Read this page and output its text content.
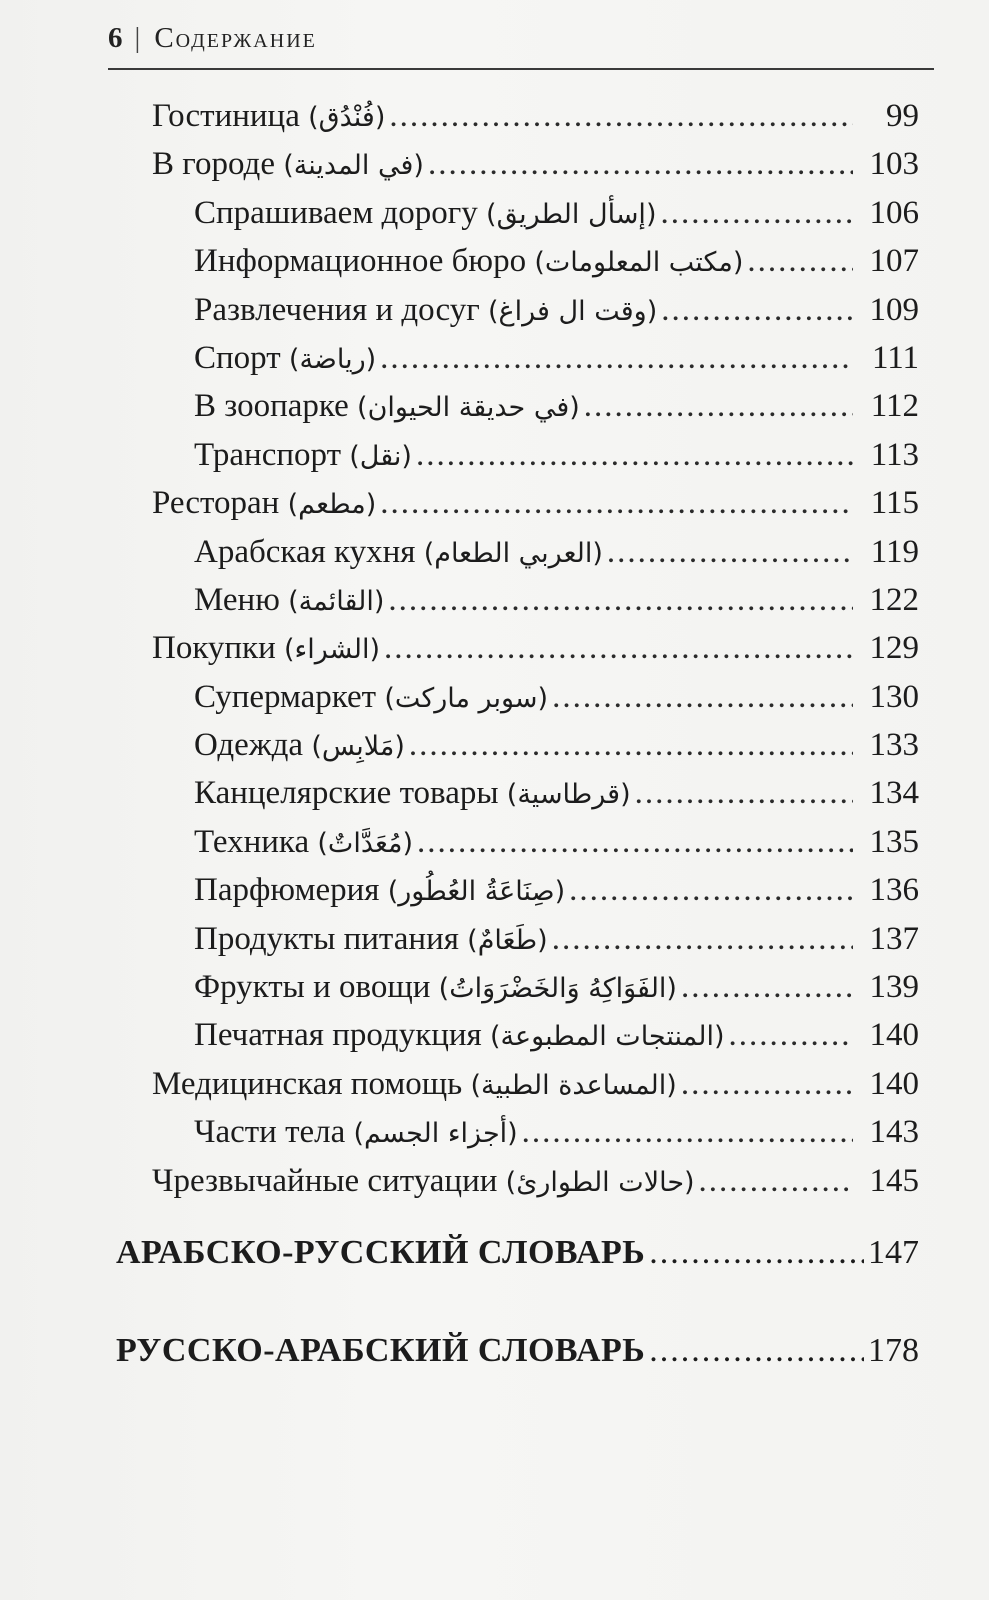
6 | Содержание
Гостиница (فُنْدُق) .....	99
В городе (في المدينة) .....	103
Спрашиваем дорогу (إسأل الطريق) .....	106
Информационное бюро (مكتب المعلومات) .....	107
Развлечения и досуг (وقت ال فراغ) .....	109
Спорт (رياضة) .....	111
В зоопарке (في حديقة الحيوان) .....	112
Транспорт (نقل) .....	113
Ресторан (مطعم) .....	115
Арабская кухня (العربي الطعام) .....	119
Меню (القائمة) .....	122
Покупки (الشراء) .....	129
Супермаркет (سوبر ماركت) .....	130
Одежда (مَلابِس) .....	133
Канцелярские товары (قرطاسية) .....	134
Техника (مُعَدَّاتٌ) .....	135
Парфюмерия (صِنَاعَةُ العُطُور) .....	136
Продукты питания (طَعَامٌ) .....	137
Фрукты и овощи (الفَوَاكِهُ وَالخَضْرَوَاتُ) .....	139
Печатная продукция (المنتجات المطبوعة) .....	140
Медицинская помощь (المساعدة الطبية) .....	140
Части тела (أجزاء الجسم) .....	143
Чрезвычайные ситуации (حالات الطوارئ) .....	145
АРАБСКО-РУССКИЙ СЛОВАРЬ .....	147
РУССКО-АРАБСКИЙ СЛОВАРЬ .....	178
